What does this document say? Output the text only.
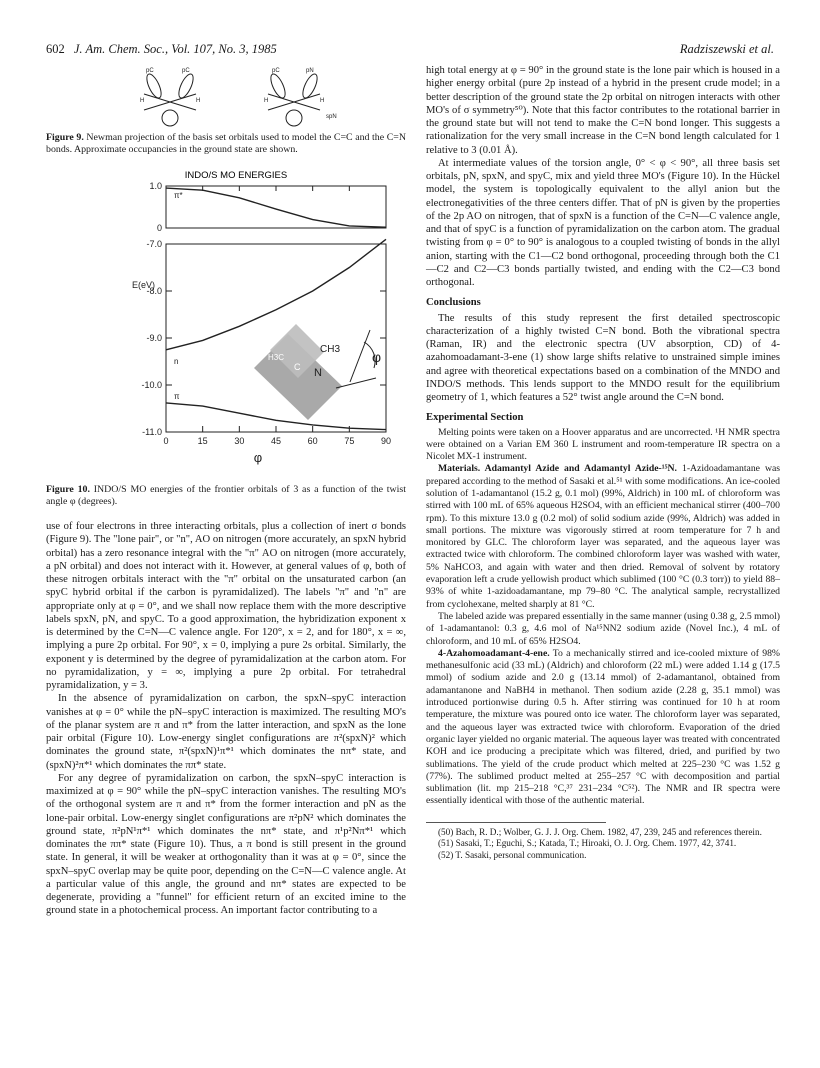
602 J. Am. Chem. Soc., Vol. 107, No. 3, 1985	Radziszewski et al.
pC	pC	pC	pN
H	H	H	H
spN

Figure 9. Newman projection of the basis set orbitals used to model the C=C and the C=N bonds. Approximate occupancies in the ground state are shown.

INDO/S MO ENERGIES
1.0
0
-7.0
-8.0
-9.0
-10.0
-11.0
0	15	30	45	60	75	90
E(eV)
φ
π*
n
π
H3C
C N
CH3 φ

Figure 10. INDO/S MO energies of the frontier orbitals of 3 as a function of the twist angle φ (degrees).

use of four electrons in three interacting orbitals, plus a collection of inert σ bonds (Figure 9). The "lone pair", or "n", AO on nitrogen (more accurately, an spxN hybrid orbital) has a zero resonance integral with the "π" AO on nitrogen (more accurately, a pN orbital) and does not interact with it. However, at general values of φ, both of these nitrogen orbitals interact with the "π" orbital on the unsaturated carbon (an spyC hybrid orbital if the carbon is pyramidalized). The labels "π" and "n" are appropriate only at φ = 0°, and we shall now replace them with the more descriptive labels spxN, pN, and spyC. To a good approximation, the hybridization exponent x is determined by the C=N—C valence angle. For 120°, x = 2, and for 180°, x = ∞, implying a pure 2p orbital. For 90°, x = 0, implying a pure 2s orbital. Similarly, the exponent y is determined by the degree of pyramidalization at the carbon atom. For no pyramidalization, y = ∞, implying a pure 2p orbital. For tetrahedral pyramidalization, y = 3.

In the absence of pyramidalization on carbon, the spxN–spyC interaction vanishes at φ = 0° while the pN–spyC interaction is maximized. The resulting MO's of the planar system are π and π* from the latter interaction, and spxN as the lone pair orbital (Figure 10). Low-energy singlet configurations are π²(spxN)² which dominates the ground state, π²(spxN)¹π*¹ which dominates the nπ* state, and (spxN)²π*¹ which dominates the ππ* state.

For any degree of pyramidalization on carbon, the spxN–spyC interaction is maximized at φ = 90° while the pN–spyC interaction vanishes. The resulting MO's of the orthogonal system are π and π* from the former interaction and pN as the lone-pair orbital. Low-energy singlet configurations are π²pN² which dominates the ground state, π²pN¹π*¹ which dominates the nπ* state, and π¹p²Nπ*¹ which dominates the ππ* state (Figure 10). Thus, a π bond is still present in the ground state. In general, it will be weaker at orthogonality than it was at φ = 0°, since the spxN–spyC overlap may be quite poor, depending on the C=N—C valence angle. At a particular value of this angle, the ground and nπ* states are expected to be degenerate, providing a "funnel" for efficient return of an excited imine to the ground state in a photochemical process. An important factor contributing to a

high total energy at φ = 90° in the ground state is the lone pair which is housed in a higher energy orbital (pure 2p instead of a hybrid in the present crude model; in a better description of the ground state the 2p orbital on nitrogen interacts with other MO's of σ symmetry⁵⁰). Note that this factor contributes to the rotational barrier in the ground state but will not tend to make the C=N bond longer. This suggests a rationalization for the very small increase in the C=N bond length calculated for 1 relative to 3 (0.01 Å).

At intermediate values of the torsion angle, 0° < φ < 90°, all three basis set orbitals, pN, spxN, and spyC, mix and yield three MO's (Figure 10). In the Hückel model, the system is topologically equivalent to the allyl anion but the electronegativities of the three centers differ. That of pN is given by the properties of the 2p AO on nitrogen, that of spxN is a function of the C=N—C valence angle, and that of spyC is a function of pyramidalization on the carbon atom. The gradual twisting from φ = 0° to 90° is analogous to a coupled twisting of bonds in the allyl anion, starting with the C1—C2 bond orthogonal, proceeding through both the C1—C2 and C2—C3 bonds partially twisted, and ending with the C2—C3 bond orthogonal.

Conclusions

The results of this study represent the first detailed spectroscopic characterization of a highly twisted C=N bond. Both the vibrational spectra (Raman, IR) and the electronic spectra (UV absorption, CD) of 4-azahomoadamant-3-ene (1) show large shifts relative to unstrained simple imines and agree with theoretical expectations based on a combination of the MNDO and INDO/S methods. This lends support to the MNDO result for the equilibrium geometry of 1, which features a 52° twist angle around the C=N bond.

Experimental Section

Melting points were taken on a Hoover apparatus and are uncorrected. ¹H NMR spectra were obtained on a Varian EM 360 L instrument and room-temperature IR spectra on a Nicolet MX-1 instrument.

Materials. Adamantyl Azide and Adamantyl Azide-¹⁵N. 1-Azidoadamantane was prepared according to the method of Sasaki et al.⁵¹ with some modifications. An ice-cooled solution of 1-adamantanol (15.2 g, 0.1 mol) (99%, Aldrich) in 100 mL of chloroform was stirred with 100 mL of 65% aqueous H2SO4, with an efficient mechanical stirrer (400–700 rpm). To this mixture 13.0 g (0.2 mol) of solid sodium azide (99%, Aldrich) was added in small portions. The mixture was vigorously stirred at room temperature for 7 h and monitored by GLC. The chloroform layer was separated, and the aqueous layer was extracted twice with chloroform. The combined chloroform layer was washed with water, 5% NaHCO3, and again with water and then dried. Removal of solvent by rotatory evaporation left a crude yellowish product which sublimed (100 °C (0.3 torr)) to yield 88–93% of white 1-azidoadamantane, mp 79–80 °C. The analytical sample, recrystallized from cyclohexane, melted sharply at 81 °C.

The labeled azide was prepared essentially in the same manner (using 0.38 g, 2.5 mmol) of 1-adamantanol: 0.3 g, 4.6 mol of Na¹⁵NN2 sodium azide (Novel Inc.), 4 mL of chloroform, and 10 mL of 65% H2SO4.

4-Azahomoadamant-4-ene. To a mechanically stirred and ice-cooled mixture of 98% methanesulfonic acid (33 mL) (Aldrich) and chloroform (22 mL) were added 1.14 g (17.5 mmol) of sodium azide and 2.0 g (13.14 mmol) of 2-adamantanol, obtained from adamantanone and NaBH4 in methanol. Then sodium azide (2.28 g, 35.1 mmol) was introduced portionwise during 0.5 h. After stirring was continued for 10 h at room temperature, the mixture was poured onto ice water. The chloroform layer was separated, and the aqueous layer was extracted twice with chloroform. Evaporation of the dried organic layer yielded no organic material. The aqueous layer was treated with concentrated KOH and ice producing a precipitate which was filtered, dried, and purified by two sublimations. The yield of the crude product which melted at 225–230 °C was 1.52 g (77%). The sublimed product melted at 255–257 °C with decomposition and partial sublimation (lit. mp 215–218 °C,³⁷ 231–234 °C⁵²). The NMR and IR spectra were essentially identical with those of the authentic material.

(50) Bach, R. D.; Wolber, G. J. J. Org. Chem. 1982, 47, 239, 245 and references therein.

(51) Sasaki, T.; Eguchi, S.; Katada, T.; Hiroaki, O. J. Org. Chem. 1977, 42, 3741.

(52) T. Sasaki, personal communication.
